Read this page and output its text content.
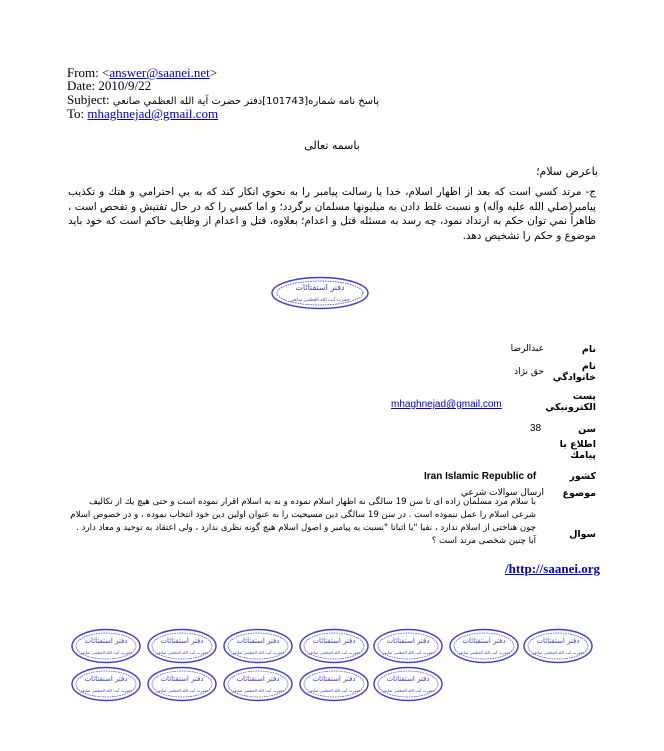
From: <answer@saanei.net>
Date: 2010/9/22
Subject: پاسخ نامه شماره[101743]دفتر حضرت آية الله العظمي صانعي
To: mhaghnejad@gmail.com
باسمه تعالی
باعرض سلام؛
ج- مرتد کسي است که بعد از اظهار اسلام، خدا يا رسالت پيامبر را به نحوي انکار کند که به بي احترامي و هتك و تکذيب پيامبر(صلي الله عليه وآله) و نسبت غلط دادن به ميليونها مسلمان برگردد؛ و اما کسي را که در حال تفتيش و تفحص است ، ظاهراً نمي توان حکم به ارتداد نمود، چه رسد به مسئله قتل و اعدام؛ بعلاوه، قتل و اعدام از وظايف حاکم است که خود بايد موضوع و حکم را تشخيص دهد.
دفتر استفتائات
حضرت آیت الله العظمی صانعی
نام
نام خانوادگي
پست الكترونيكي
سن
اطلاع با پيامك
كشور
موضوع
سوال
عبدالرضا
حق نژاد
mhaghnejad@gmail.com
38
Iran Islamic Republic of
ارسال سوالات شرعي
با سلام مرد مسلمان زاده ای تا سن 19 سالگی نه اظهار اسلام نموده و نه به اسلام اقرار نموده است و حتی هیچ یك از تكالیف شرعی اسلام را عمل ننموده است . در سن 19 سالگی دین مسیحیت را به عنوان اولین دین خود انتخاب نموده ، و در خصوص اسلام چون هناختی از اسلام ندارد ، نفیا "یا اثباتا "نسبت به پیامبر و اصول اسلام هیچ گونه نظری ندارد ، ولی اعتقاد به توحید و معاد دارد . آیا چنین شخصی مرتد است ؟
/http://saanei.org
دفتر استفتائات
حضرت آیت الله العظمی صانعی
دفتر استفتائات
حضرت آیت الله العظمی صانعی
دفتر استفتائات
حضرت آیت الله العظمی صانعی
دفتر استفتائات
حضرت آیت الله العظمی صانعی
دفتر استفتائات
حضرت آیت الله العظمی صانعی
دفتر استفتائات
حضرت آیت الله العظمی صانعی
دفتر استفتائات
حضرت آیت الله العظمی صانعی
دفتر استفتائات
حضرت آیت الله العظمی صانعی
دفتر استفتائات
حضرت آیت الله العظمی صانعی
دفتر استفتائات
حضرت آیت الله العظمی صانعی
دفتر استفتائات
حضرت آیت الله العظمی صانعی
دفتر استفتائات
حضرت آیت الله العظمی صانعی
